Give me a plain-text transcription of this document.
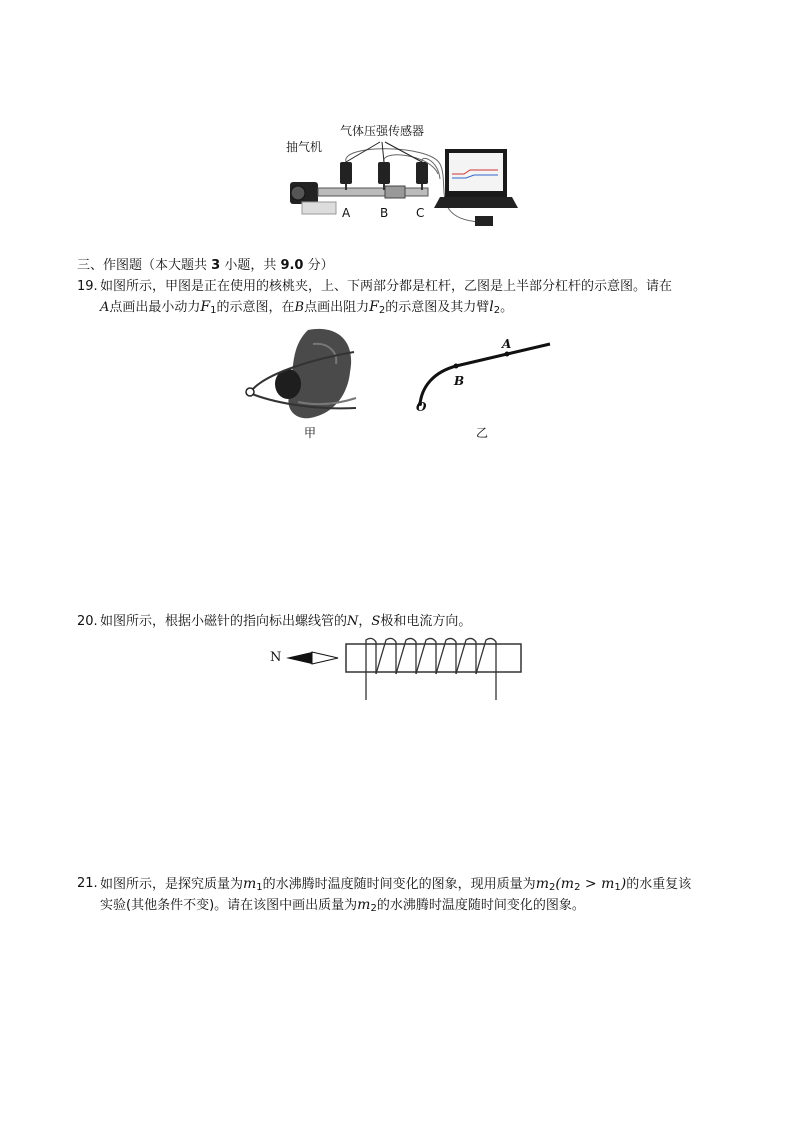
抽气机
气体压强传感器
A B C
三、作图题（本大题共 3 小题，共 9.0 分）
19. 如图所示，甲图是正在使用的核桃夹，上、下两部分都是杠杆，乙图是上半部分杠杆的示意图。请在
A点画出最小动力$F_1$的示意图，在B点画出阻力$F_2$的示意图及其力臂$l_2$。
甲
A
B
O
乙
20. 如图所示，根据小磁针的指向标出螺线管的N，S极和电流方向。
N
21. 如图所示，是探究质量为$m_1$的水沸腾时温度随时间变化的图象，现用质量为$m_2(m_2 > m_1)$的水重复该
实验(其他条件不变)。请在该图中画出质量为$m_2$的水沸腾时温度随时间变化的图象。
